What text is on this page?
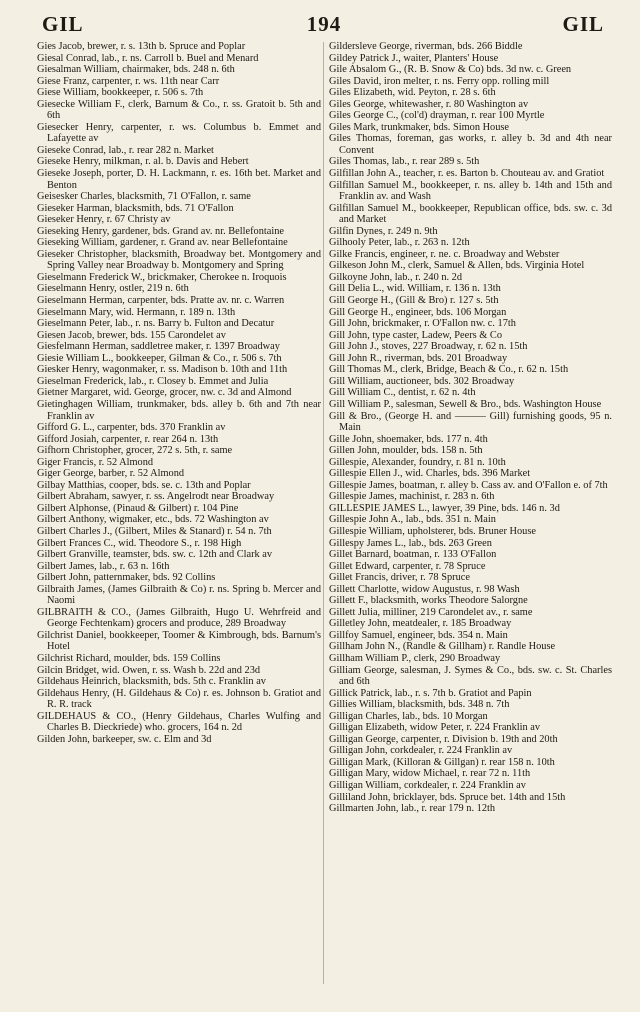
GIL	194	GIL

Gies Jacob, brewer, r. s. 13th b. Spruce and Poplar

Giesal Conrad, lab., r. ns. Carroll b. Buel and Menard

Giesalman William, chairmaker, bds. 248 n. 6th

Giese Franz, carpenter, r. ws. 11th near Carr

Giese William, bookkeeper, r. 506 s. 7th

Giesecke William F., clerk, Barnum & Co., r. ss. Gratoit b. 5th and 6th

Giesecker Henry, carpenter, r. ws. Columbus b. Emmet and Lafayette av

Gieseke Conrad, lab., r. rear 282 n. Market

Gieseke Henry, milkman, r. al. b. Davis and Hebert

Gieseke Joseph, porter, D. H. Lackmann, r. es. 16th bet. Market and Benton

Geisesker Charles, blacksmith, 71 O'Fallon, r. same

Gieseker Harman, blacksmith, bds. 71 O'Fallon

Gieseker Henry, r. 67 Christy av

Gieseking Henry, gardener, bds. Grand av. nr. Bellefontaine

Gieseking William, gardener, r. Grand av. near Bellefontaine

Gieseker Christopher, blacksmith, Broadway bet. Montgomery and Spring Valley near Broadway b. Montgomery and Spring

Gieselmann Frederick W., brickmaker, Cherokee n. Iroquois

Gieselmann Henry, ostler, 219 n. 6th

Gieselmann Herman, carpenter, bds. Pratte av. nr. c. Warren

Gieselmann Mary, wid. Hermann, r. 189 n. 13th

Gieselmann Peter, lab., r. ns. Barry b. Fulton and Decatur

Giesen Jacob, brewer, bds. 155 Carondelet av

Giesfelmann Herman, saddletree maker, r. 1397 Broadway

Giesie William L., bookkeeper, Gilman & Co., r. 506 s. 7th

Giesker Henry, wagonmaker, r. ss. Madison b. 10th and 11th

Gieselman Frederick, lab., r. Closey b. Emmet and Julia

Gietner Margaret, wid. George, grocer, nw. c. 3d and Almond

Gietinghagen William, trunkmaker, bds. alley b. 6th and 7th near Franklin av

Gifford G. L., carpenter, bds. 370 Franklin av

Gifford Josiah, carpenter, r. rear 264 n. 13th

Gifhorn Christopher, grocer, 272 s. 5th, r. same

Giger Francis, r. 52 Almond

Giger George, barber, r. 52 Almond

Gilbay Matthias, cooper, bds. se. c. 13th and Poplar

Gilbert Abraham, sawyer, r. ss. Angelrodt near Broadway

Gilbert Alphonse, (Pinaud & Gilbert) r. 104 Pine

Gilbert Anthony, wigmaker, etc., bds. 72 Washington av

Gilbert Charles J., (Gilbert, Miles & Stanard) r. 54 n. 7th

Gilbert Frances C., wid. Theodore S., r. 198 High

Gilbert Granville, teamster, bds. sw. c. 12th and Clark av

Gilbert James, lab., r. 63 n. 16th

Gilbert John, patternmaker, bds. 92 Collins

Gilbraith James, (James Gilbraith & Co) r. ns. Spring b. Mercer and Naomi

GILBRAITH & CO., (James Gilbraith, Hugo U. Wehrfreid and George Fechtenkam) grocers and produce, 289 Broadway

Gilchrist Daniel, bookkeeper, Toomer & Kimbrough, bds. Barnum's Hotel

Gilchrist Richard, moulder, bds. 159 Collins

Gilcin Bridget, wid. Owen, r. ss. Wash b. 22d and 23d

Gildehaus Heinrich, blacksmith, bds. 5th c. Franklin av

Gildehaus Henry, (H. Gildehaus & Co) r. es. Johnson b. Gratiot and R. R. track

GILDEHAUS & CO., (Henry Gildehaus, Charles Wulfing and Charles B. Dieckriede) who. grocers, 164 n. 2d

Gilden John, barkeeper, sw. c. Elm and 3d

Gildersleve George, riverman, bds. 266 Biddle

Gildey Patrick J., waiter, Planters' House

Gile Absalom G., (R. B. Snow & Co) bds. 3d nw. c. Green

Giles David, iron melter, r. ns. Ferry opp. rolling mill

Giles Elizabeth, wid. Peyton, r. 28 s. 6th

Giles George, whitewasher, r. 80 Washington av

Giles George C., (col'd) drayman, r. rear 100 Myrtle

Giles Mark, trunkmaker, bds. Simon House

Giles Thomas, foreman, gas works, r. alley b. 3d and 4th near Convent

Giles Thomas, lab., r. rear 289 s. 5th

Gilfillan John A., teacher, r. es. Barton b. Chouteau av. and Gratiot

Gilfillan Samuel M., bookkeeper, r. ns. alley b. 14th and 15th and Franklin av. and Wash

Gilfillan Samuel M., bookkeeper, Republican office, bds. sw. c. 3d and Market

Gilfin Dynes, r. 249 n. 9th

Gilhooly Peter, lab., r. 263 n. 12th

Gilke Francis, engineer, r. ne. c. Broadway and Webster

Gilkeson John M., clerk, Samuel & Allen, bds. Virginia Hotel

Gilkoyne John, lab., r. 240 n. 2d

Gill Delia L., wid. William, r. 136 n. 13th

Gill George H., (Gill & Bro) r. 127 s. 5th

Gill George H., engineer, bds. 106 Morgan

Gill John, brickmaker, r. O'Fallon nw. c. 17th

Gill John, type caster, Ladew, Peers & Co

Gill John J., stoves, 227 Broadway, r. 62 n. 15th

Gill John R., riverman, bds. 201 Broadway

Gill Thomas M., clerk, Bridge, Beach & Co., r. 62 n. 15th

Gill William, auctioneer, bds. 302 Broadway

Gill William C., dentist, r. 62 n. 4th

Gill William P., salesman, Sewell & Bro., bds. Washington House

Gill & Bro., (George H. and ——— Gill) furnishing goods, 95 n. Main

Gille John, shoemaker, bds. 177 n. 4th

Gillen John, moulder, bds. 158 n. 5th

Gillespie, Alexander, foundry, r. 81 n. 10th

Gillespie Ellen J., wid. Charles, bds. 396 Market

Gillespie James, boatman, r. alley b. Cass av. and O'Fallon e. of 7th

Gillespie James, machinist, r. 283 n. 6th

GILLESPIE JAMES L., lawyer, 39 Pine, bds. 146 n. 3d

Gillespie John A., lab., bds. 351 n. Main

Gillespie William, upholsterer, bds. Bruner House

Gillespy James L., lab., bds. 263 Green

Gillet Barnard, boatman, r. 133 O'Fallon

Gillet Edward, carpenter, r. 78 Spruce

Gillet Francis, driver, r. 78 Spruce

Gillett Charlotte, widow Augustus, r. 98 Wash

Gillett F., blacksmith, works Theodore Salorgne

Gillett Julia, milliner, 219 Carondelet av., r. same

Gilletley John, meatdealer, r. 185 Broadway

Gillfoy Samuel, engineer, bds. 354 n. Main

Gillham John N., (Randle & Gillham) r. Randle House

Gillham William P., clerk, 290 Broadway

Gilliam George, salesman, J. Symes & Co., bds. sw. c. St. Charles and 6th

Gillick Patrick, lab., r. s. 7th b. Gratiot and Papin

Gillies William, blacksmith, bds. 348 n. 7th

Gilligan Charles, lab., bds. 10 Morgan

Gilligan Elizabeth, widow Peter, r. 224 Franklin av

Gilligan George, carpenter, r. Division b. 19th and 20th

Gilligan John, corkdealer, r. 224 Franklin av

Gilligan Mark, (Killoran & Gillgan) r. rear 158 n. 10th

Gilligan Mary, widow Michael, r. rear 72 n. 11th

Gilligan William, corkdealer, r. 224 Franklin av

Gilliland John, bricklayer, bds. Spruce bet. 14th and 15th

Gillmarten John, lab., r. rear 179 n. 12th
